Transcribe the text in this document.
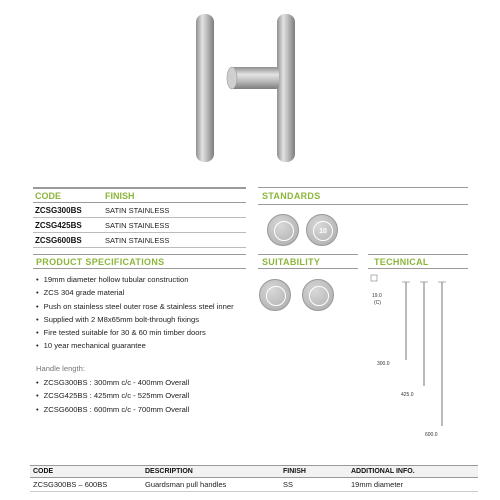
CODE	FINISH
ZCSG300BS	SATIN STAINLESS
ZCSG425BS	SATIN STAINLESS
ZCSG600BS	SATIN STAINLESS
STANDARDS
10
PRODUCT SPECIFICATIONS
• 19mm diameter hollow tubular construction
• ZCS 304 grade material
• Push on stainless steel outer rose & stainless steel inner
• Supplied with 2 M8x65mm bolt-through fixings
• Fire tested suitable for 30 & 60 min timber doors
• 10 year mechanical guarantee
Handle length:
• ZCSG300BS : 300mm c/c - 400mm Overall
• ZCSG425BS : 425mm c/c - 525mm Overall
• ZCSG600BS : 600mm c/c - 700mm Overall
SUITABILITY	TECHNICAL
19.0
(C)
300.0
425.0
600.0
CODE	DESCRIPTION	FINISH	ADDITIONAL INFO.
ZCSG300BS – 600BS	Guardsman pull handles	SS	19mm diameter
